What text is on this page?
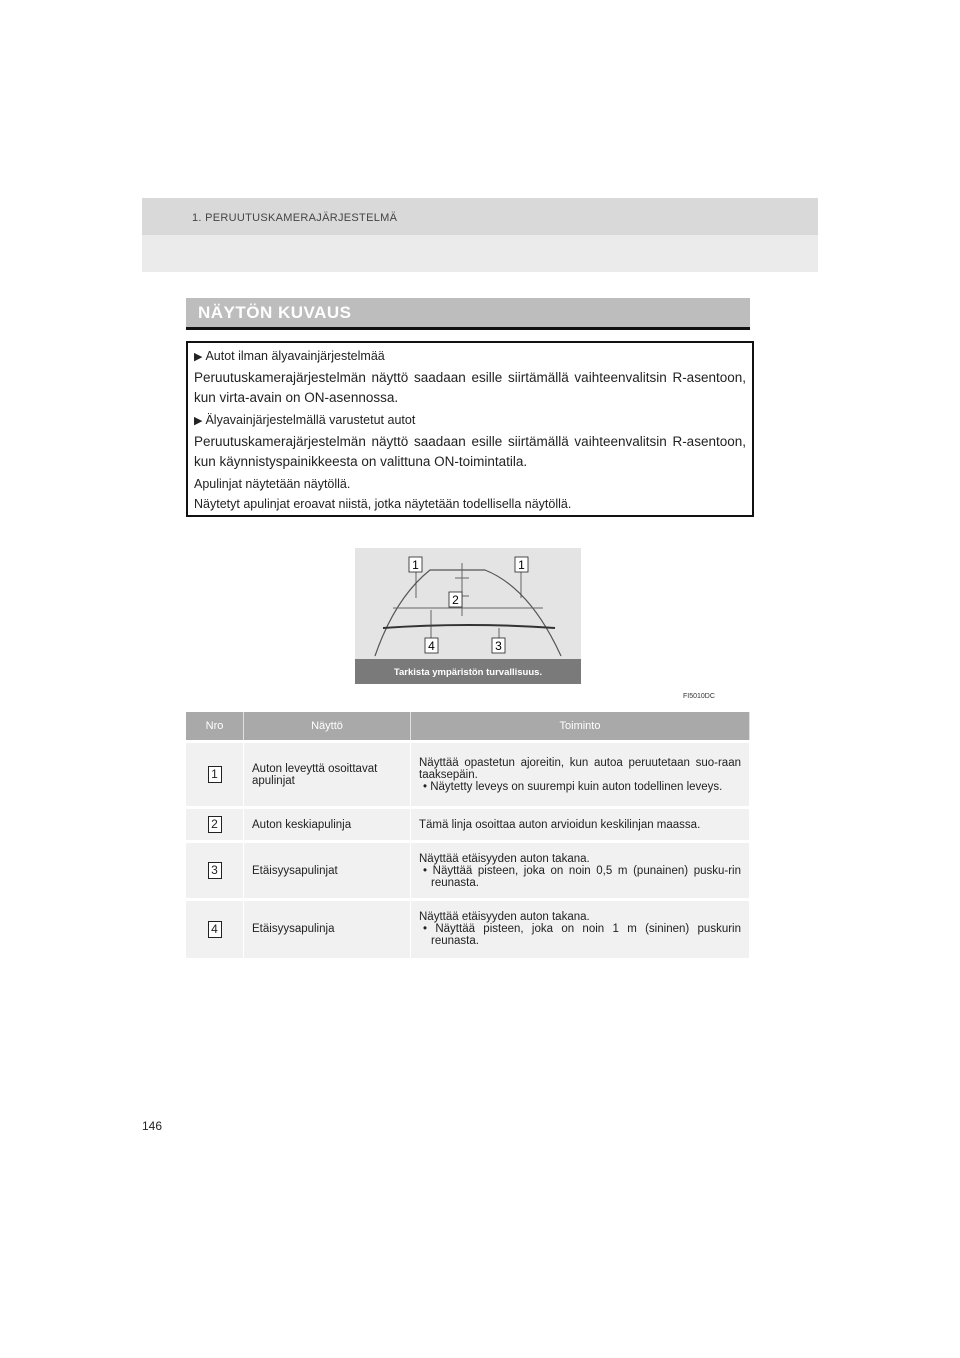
1. PERUUTUSKAMERAJÄRJESTELMÄ
NÄYTÖN KUVAUS

▶ Autot ilman älyavainjärjestelmää

Peruutuskamerajärjestelmän näyttö saadaan esille siirtämällä vaihteenvalitsin R-asentoon, kun virta-avain on ON-asennossa.

▶ Älyavainjärjestelmällä varustetut autot

Peruutuskamerajärjestelmän näyttö saadaan esille siirtämällä vaihteenvalitsin R-asentoon, kun käynnistyspainikkeesta on valittuna ON-toimintatila.

Apulinjat näytetään näytöllä.

Näytetyt apulinjat eroavat niistä, jotka näytetään todellisella näytöllä.

1	1
2
4	3
Tarkista ympäristön turvallisuus.
FI5010DC
Nro	Näyttö	Toiminto
1	Auton leveyttä osoittavat apulinjat	Näyttää opastetun ajoreitin, kun autoa peruutetaan suo-raan taaksepäin.
• Näytetty leveys on suurempi kuin auton todellinen leveys.

2	Auton keskiapulinja	Tämä linja osoittaa auton arvioidun keskilinjan maassa.

3	Etäisyysapulinjat	Näyttää etäisyyden auton takana.
• Näyttää pisteen, joka on noin 0,5 m (punainen) pusku-rin reunasta.

4	Etäisyysapulinja	Näyttää etäisyyden auton takana.
• Näyttää pisteen, joka on noin 1 m (sininen) puskurin reunasta.
146
